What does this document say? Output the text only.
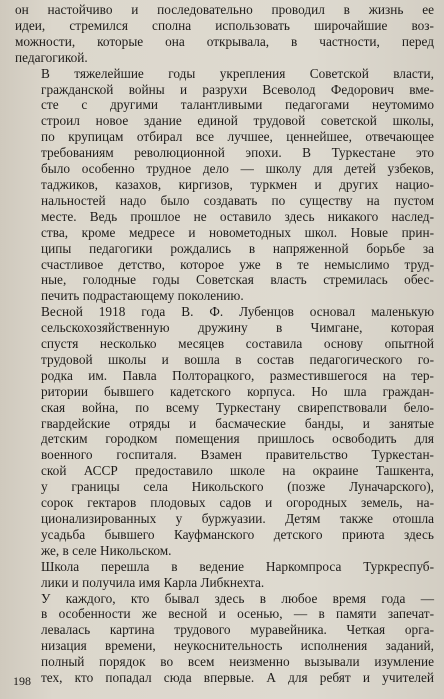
он настойчиво и последовательно проводил в жизнь ее
идеи, стремился сполна использовать широчайшие воз-
можности, которые она открывала, в частности, перед
педагогикой.

В тяжелейшие годы укрепления Советской власти,
гражданской войны и разрухи Всеволод Федорович вме-
сте с другими талантливыми педагогами неутомимо
строил новое здание единой трудовой советской школы,
по крупицам отбирал все лучшее, ценнейшее, отвечающее
требованиям революционной эпохи. В Туркестане это
было особенно трудное дело — школу для детей узбеков,
таджиков, казахов, киргизов, туркмен и других нацио-
нальностей надо было создавать по существу на пустом
месте. Ведь прошлое не оставило здесь никакого наслед-
ства, кроме медресе и новометодных школ. Новые прин-
ципы педагогики рождались в напряженной борьбе за
счастливое детство, которое уже в те немыслимо труд-
ные, голодные годы Советская власть стремилась обес-
печить подрастающему поколению.

Весной 1918 года В. Ф. Лубенцов основал маленькую
сельскохозяйственную дружину в Чимгане, которая
спустя несколько месяцев составила основу опытной
трудовой школы и вошла в состав педагогического го-
родка им. Павла Полторацкого, разместившегося на тер-
ритории бывшего кадетского корпуса. Но шла граждан-
ская война, по всему Туркестану свирепствовали бело-
гвардейские отряды и басмаческие банды, и занятые
детским городком помещения пришлось освободить для
военного госпиталя. Взамен правительство Туркестан-
ской АССР предоставило школе на окраине Ташкента,
у границы села Никольского (позже Луначарского),
сорок гектаров плодовых садов и огородных земель, на-
ционализированных у буржуазии. Детям также отошла
усадьба бывшего Кауфманского детского приюта здесь
же, в селе Никольском.

Школа перешла в ведение Наркомпроса Туркреспуб-
лики и получила имя Карла Либкнехта.

У каждого, кто бывал здесь в любое время года —
в особенности же весной и осенью, — в памяти запечат-
левалась картина трудового муравейника. Четкая орга-
низация времени, неукоснительность исполнения заданий,
полный порядок во всем неизменно вызывали изумление
тех, кто попадал сюда впервые. А для ребят и учителей

198
